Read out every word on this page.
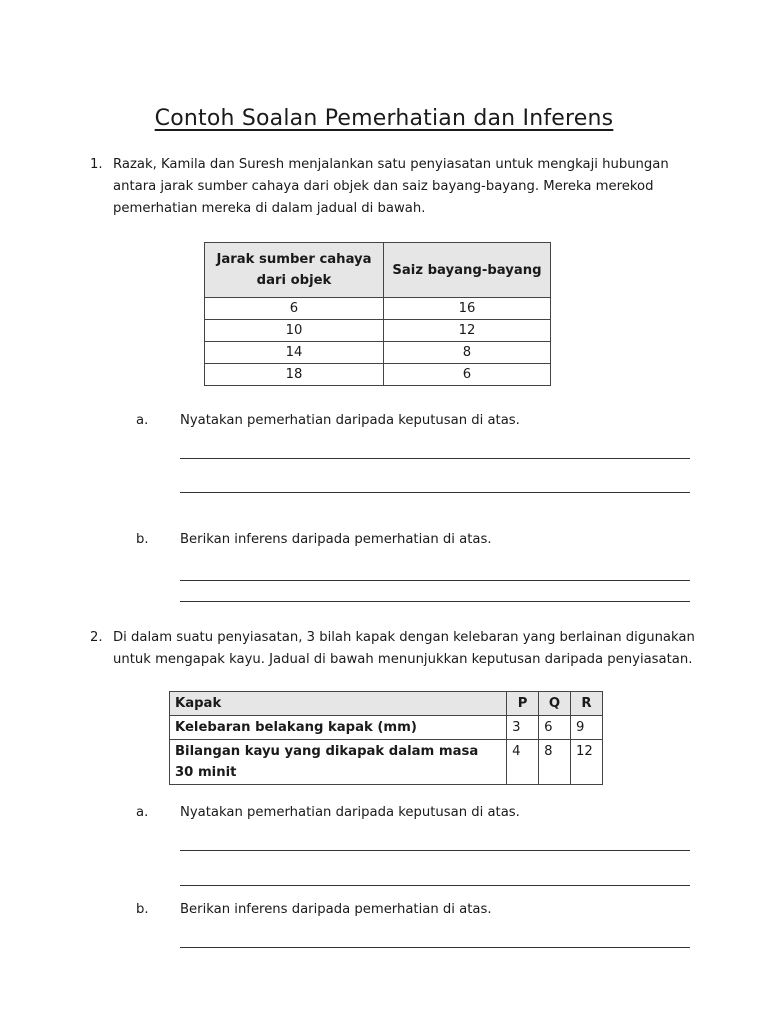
Contoh Soalan Pemerhatian dan Inferens
1. Razak, Kamila dan Suresh menjalankan satu penyiasatan untuk mengkaji hubungan
antara jarak sumber cahaya dari objek dan saiz bayang-bayang. Mereka merekod
pemerhatian mereka di dalam jadual di bawah.
Jarak sumber cahaya dari objek	Saiz bayang-bayang
6	16
10	12
14	8
18	6
a. Nyatakan pemerhatian daripada keputusan di atas.
b. Berikan inferens daripada pemerhatian di atas.
2. Di dalam suatu penyiasatan, 3 bilah kapak dengan kelebaran yang berlainan digunakan
untuk mengapak kayu. Jadual di bawah menunjukkan keputusan daripada penyiasatan.
Kapak	P	Q	R
Kelebaran belakang kapak (mm)	3	6	9
Bilangan kayu yang dikapak dalam masa 30 minit	4	8	12
a. Nyatakan pemerhatian daripada keputusan di atas.
b. Berikan inferens daripada pemerhatian di atas.
